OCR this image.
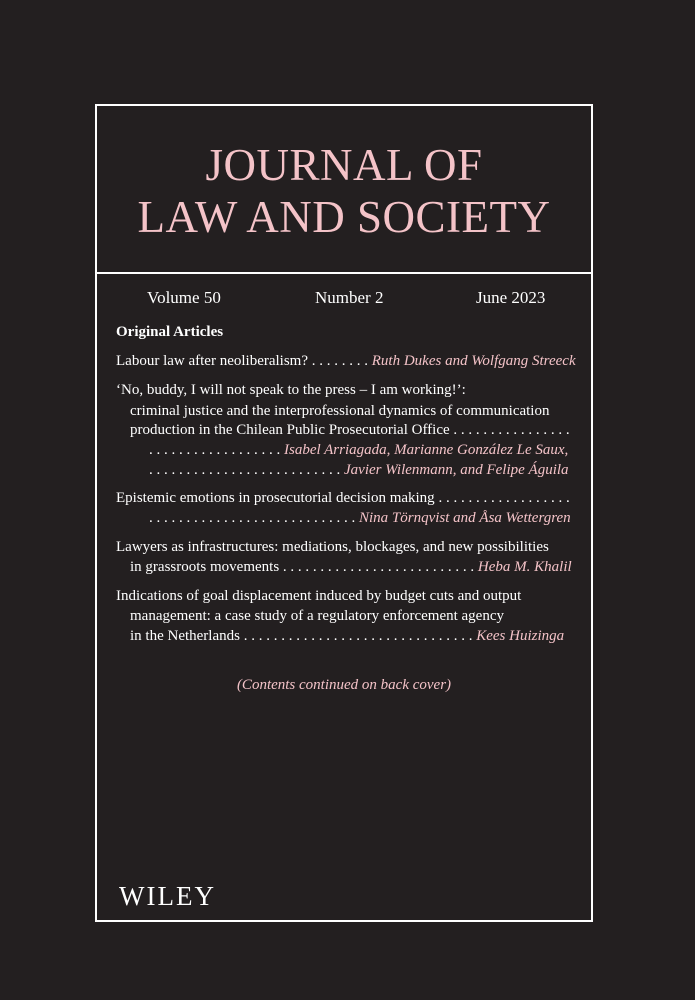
JOURNAL OF
LAW AND SOCIETY
Volume 50	Number 2	June 2023
Original Articles
Labour law after neoliberalism? . . . . . . . . Ruth Dukes and Wolfgang Streeck
‘No, buddy, I will not speak to the press – I am working!’:
criminal justice and the interprofessional dynamics of communication
production in the Chilean Public Prosecutorial Office . . . . . . . . . . . . . . . .
. . . . . . . . . . . . . . . . . . Isabel Arriagada, Marianne González Le Saux,
. . . . . . . . . . . . . . . . . . . . . . . . . . Javier Wilenmann, and Felipe Águila
Epistemic emotions in prosecutorial decision making . . . . . . . . . . . . . . . . . .
. . . . . . . . . . . . . . . . . . . . . . . . . . . . Nina Törnqvist and Åsa Wettergren
Lawyers as infrastructures: mediations, blockages, and new possibilities
in grassroots movements . . . . . . . . . . . . . . . . . . . . . . . . . . Heba M. Khalil
Indications of goal displacement induced by budget cuts and output
management: a case study of a regulatory enforcement agency
in the Netherlands . . . . . . . . . . . . . . . . . . . . . . . . . . . . . . . Kees Huizinga
(Contents continued on back cover)
WILEY
